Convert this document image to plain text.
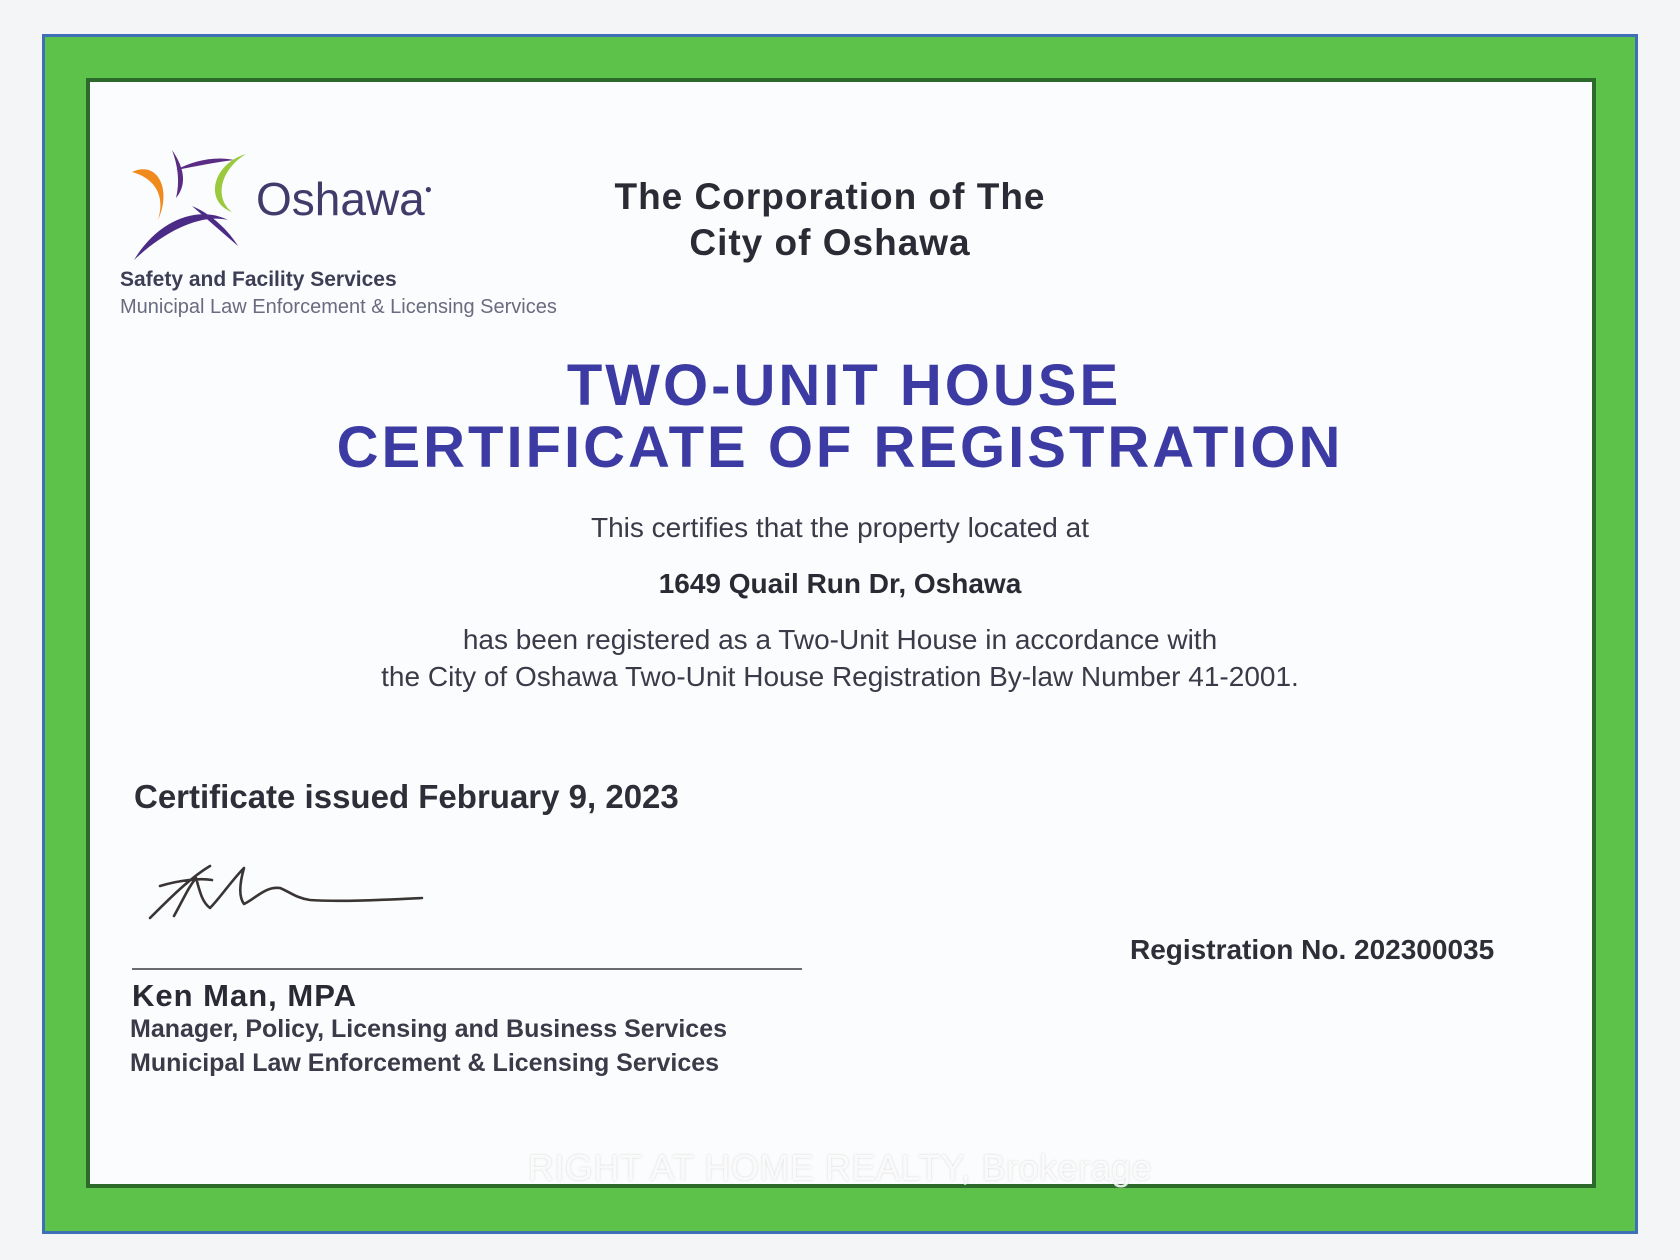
Oshawa●
Safety and Facility Services
Municipal Law Enforcement & Licensing Services
The Corporation of The
City of Oshawa
TWO-UNIT HOUSE
CERTIFICATE OF REGISTRATION
This certifies that the property located at
1649 Quail Run Dr, Oshawa
has been registered as a Two-Unit House in accordance with
the City of Oshawa Two-Unit House Registration By-law Number 41-2001.
Certificate issued February 9, 2023
Registration No. 202300035
Ken Man, MPA
Manager, Policy, Licensing and Business Services
Municipal Law Enforcement & Licensing Services
RIGHT AT HOME REALTY, Brokerage
